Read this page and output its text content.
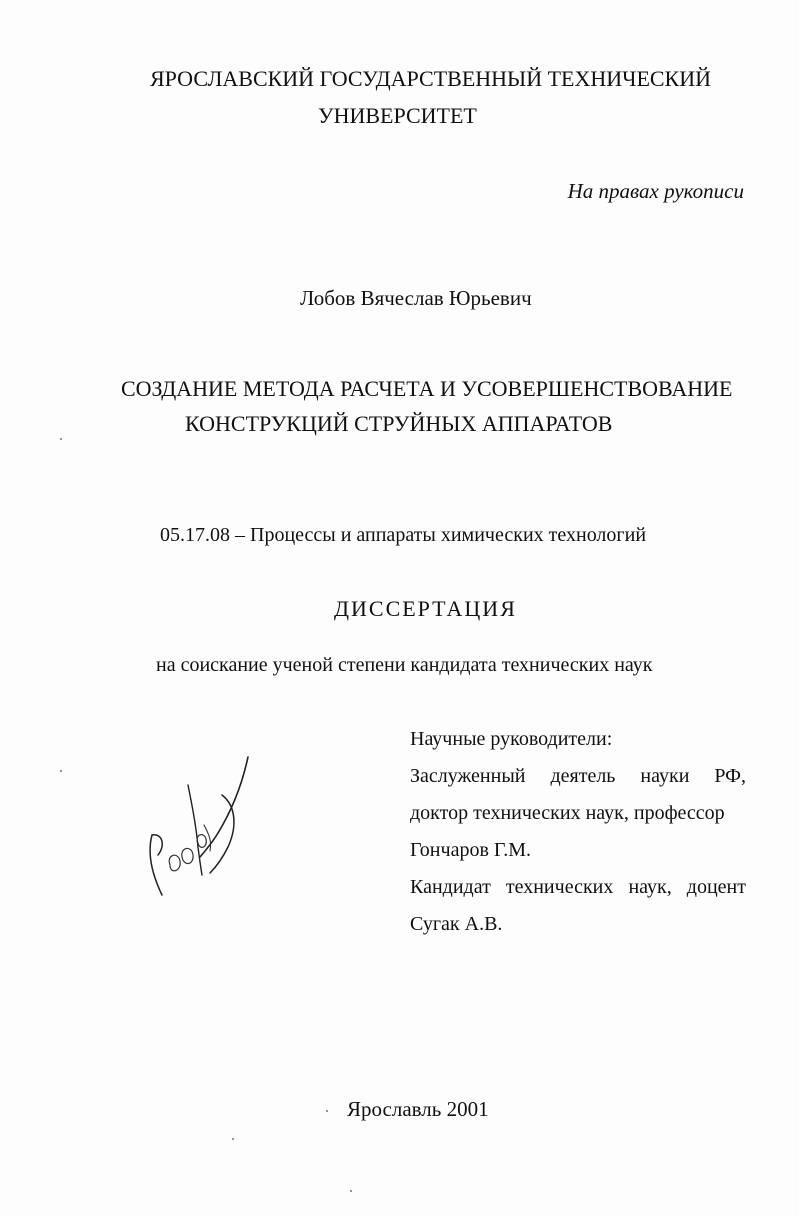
ЯРОСЛАВСКИЙ ГОСУДАРСТВЕННЫЙ ТЕХНИЧЕСКИЙ
УНИВЕРСИТЕТ
На правах рукописи
Лобов Вячеслав Юрьевич
СОЗДАНИЕ МЕТОДА РАСЧЕТА И УСОВЕРШЕНСТВОВАНИЕ
КОНСТРУКЦИЙ СТРУЙНЫХ АППАРАТОВ
05.17.08 – Процессы и аппараты химических технологий
ДИССЕРТАЦИЯ
на соискание ученой степени кандидата технических наук
Научные руководители:
Заслуженный деятель науки РФ,
доктор технических наук, профессор
Гончаров Г.М.
Кандидат технических наук, доцент
Сугак А.В.
Ярославль 2001
